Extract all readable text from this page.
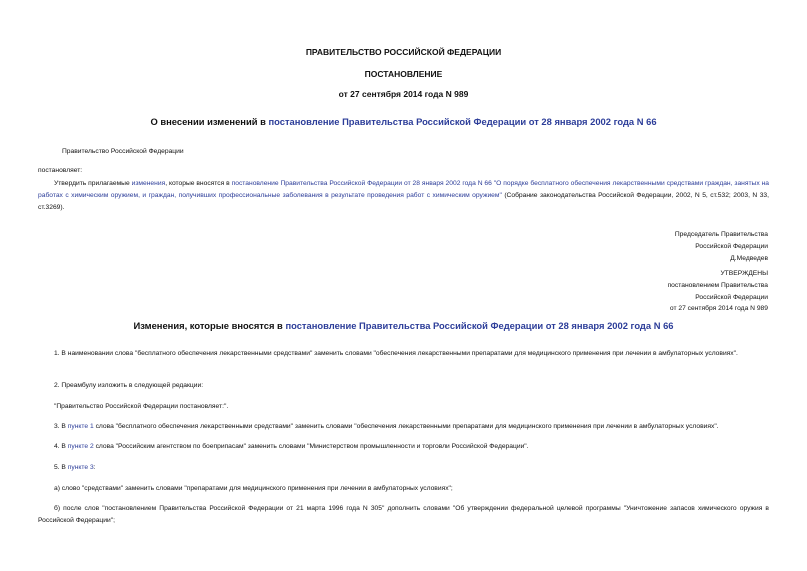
ПРАВИТЕЛЬСТВО РОССИЙСКОЙ ФЕДЕРАЦИИ
ПОСТАНОВЛЕНИЕ
от 27 сентября 2014 года N 989
О внесении изменений в постановление Правительства Российской Федерации от 28 января 2002 года N 66
Правительство Российской Федерации
постановляет:
Утвердить прилагаемые изменения, которые вносятся в постановление Правительства Российской Федерации от 28 января 2002 года N 66 "О порядке бесплатного обеспечения лекарственными средствами граждан, занятых на работах с химическим оружием, и граждан, получивших профессиональные заболевания в результате проведения работ с химическим оружием" (Собрание законодательства Российской Федерации, 2002, N 5, ст.532; 2003, N 33, ст.3269).
Председатель Правительства
Российской Федерации
Д.Медведев
УТВЕРЖДЕНЫ
постановлением Правительства
Российской Федерации
от 27 сентября 2014 года N 989
Изменения, которые вносятся в постановление Правительства Российской Федерации от 28 января 2002 года N 66
1. В наименовании слова "бесплатного обеспечения лекарственными средствами" заменить словами "обеспечения лекарственными препаратами для медицинского применения при лечении в амбулаторных условиях".
2. Преамбулу изложить в следующей редакции:
"Правительство Российской Федерации постановляет:".
3. В пункте 1 слова "бесплатного обеспечения лекарственными средствами" заменить словами "обеспечения лекарственными препаратами для медицинского применения при лечении в амбулаторных условиях".
4. В пункте 2 слова "Российским агентством по боеприпасам" заменить словами "Министерством промышленности и торговли Российской Федерации".
5. В пункте 3:
а) слово "средствами" заменить словами "препаратами для медицинского применения при лечении в амбулаторных условиях";
б) после слов "постановлением Правительства Российской Федерации от 21 марта 1996 года N 305" дополнить словами "Об утверждении федеральной целевой программы "Уничтожение запасов химического оружия в Российской Федерации";
